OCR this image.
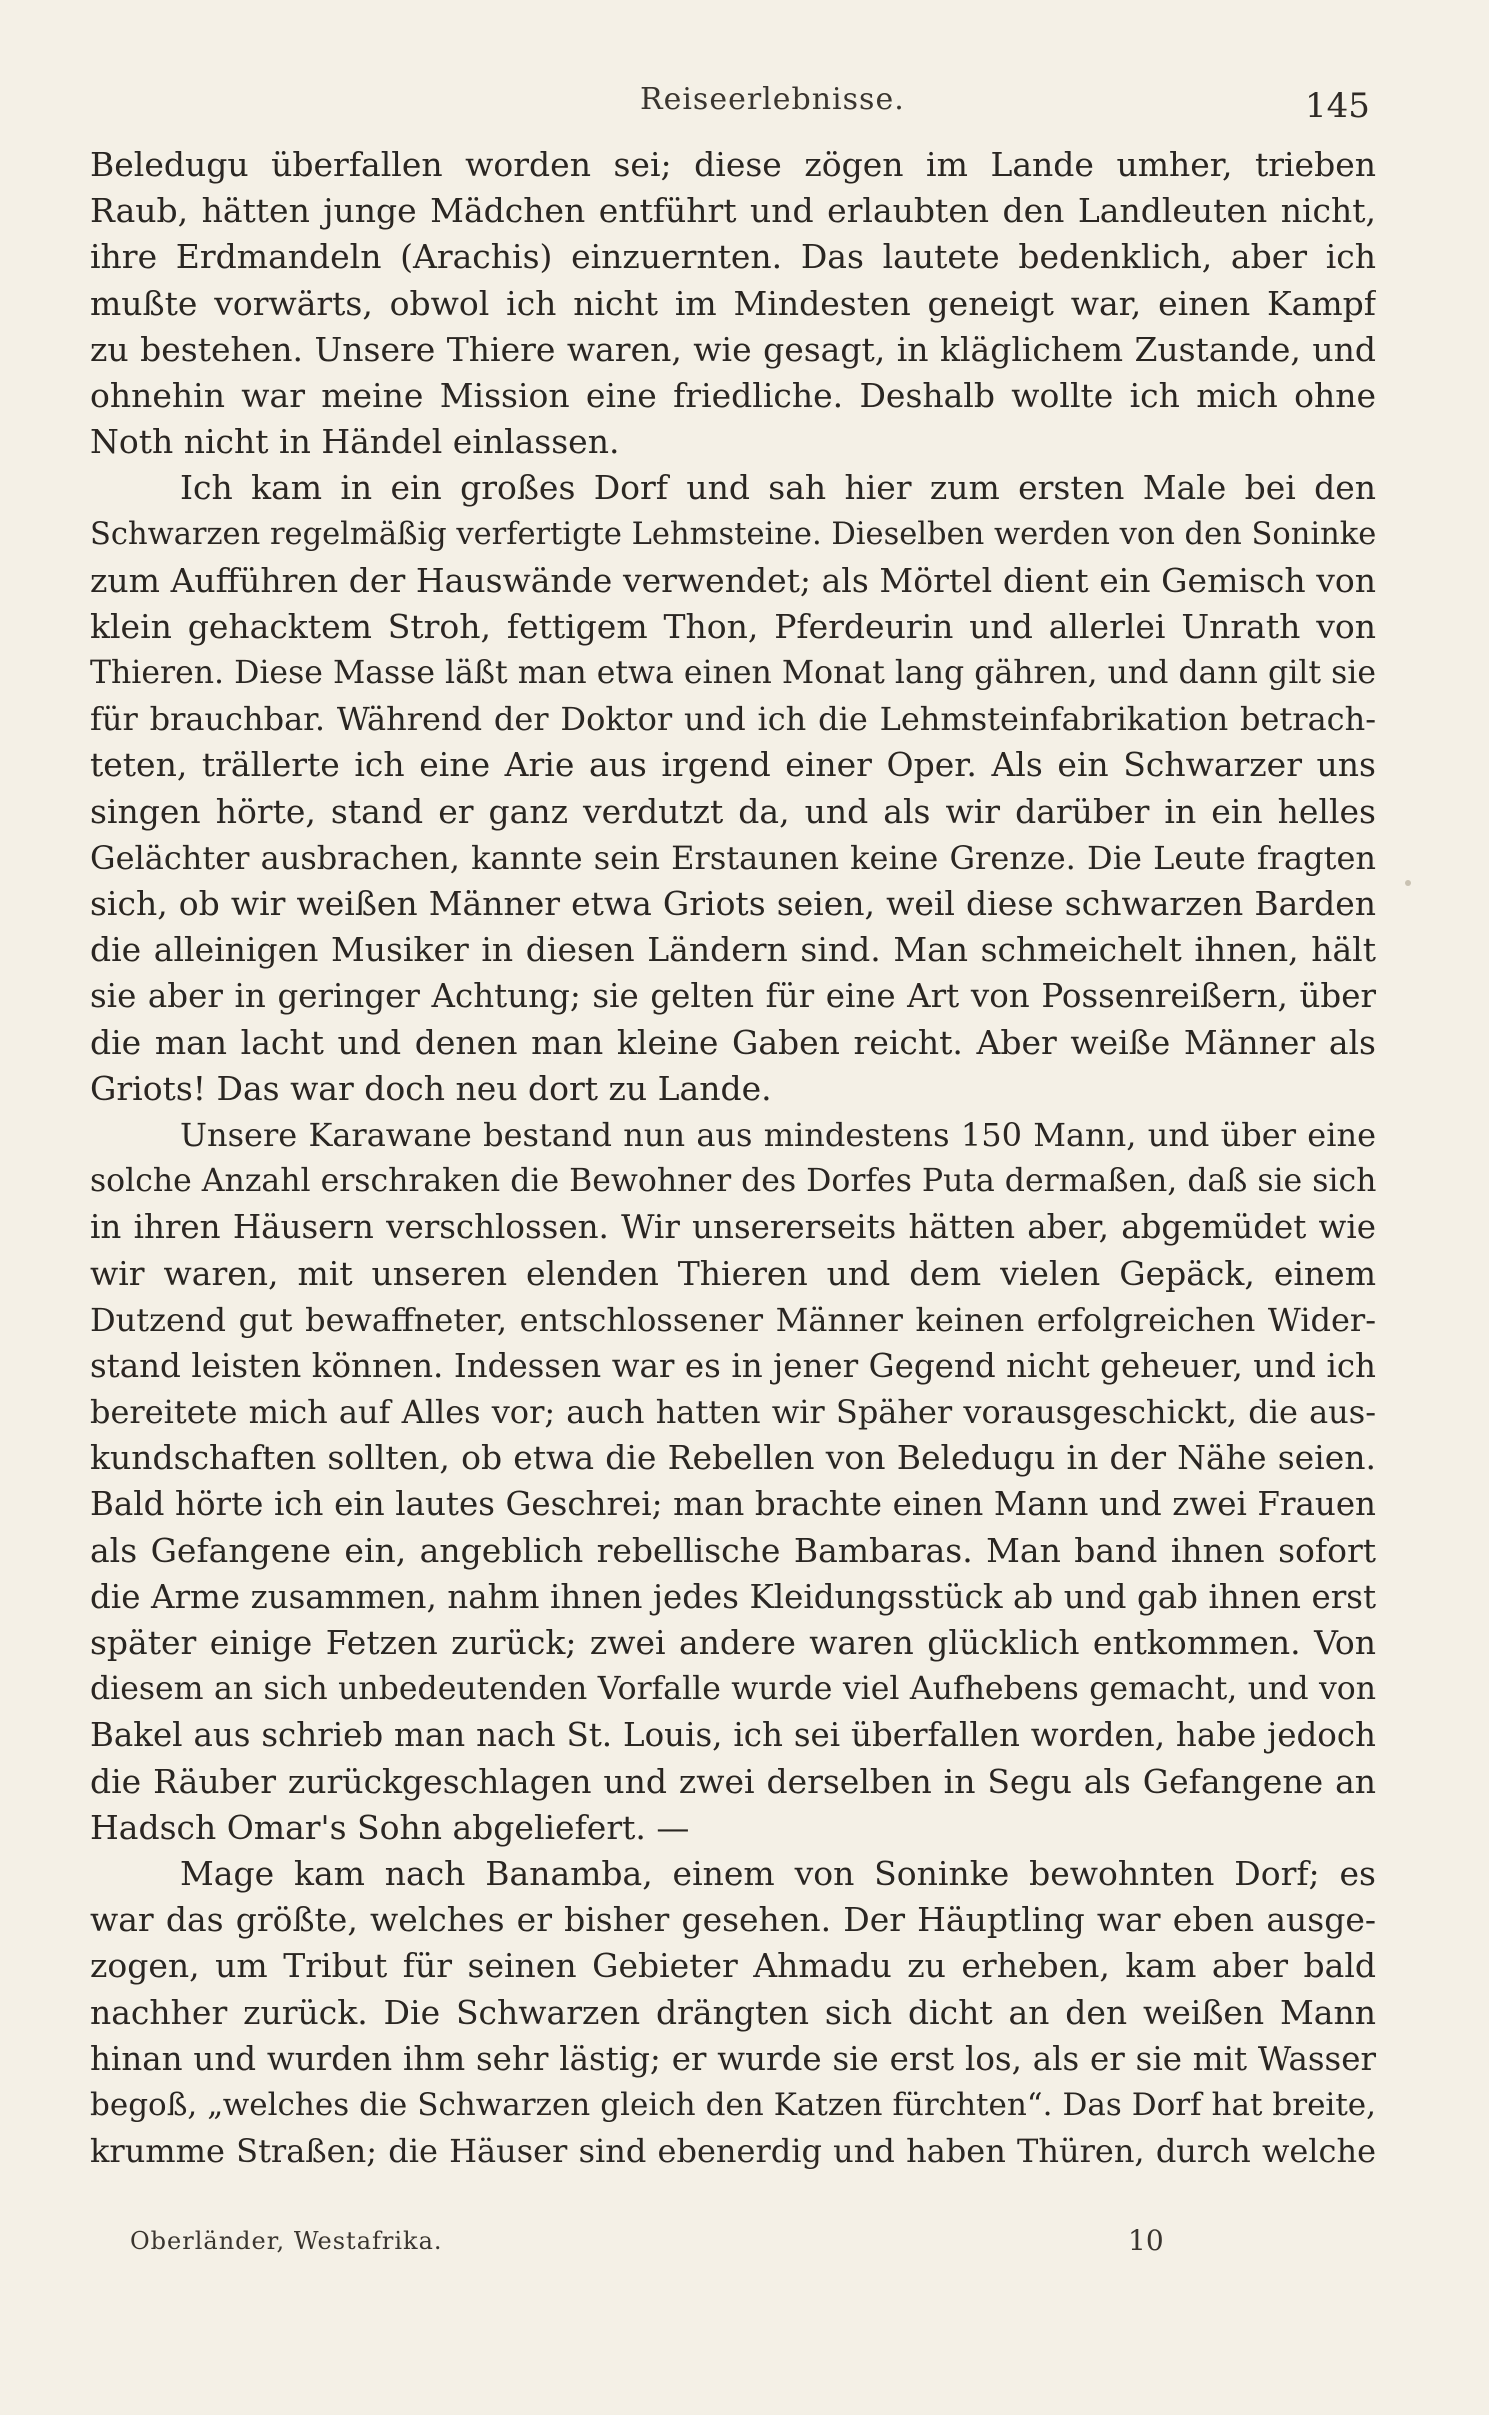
Reiseerlebnisse.	145
Beledugu überfallen worden sei; diese zögen im Lande umher, trieben
Raub, hätten junge Mädchen entführt und erlaubten den Landleuten nicht,
ihre Erdmandeln (Arachis) einzuernten. Das lautete bedenklich, aber ich
mußte vorwärts, obwol ich nicht im Mindesten geneigt war, einen Kampf
zu bestehen. Unsere Thiere waren, wie gesagt, in kläglichem Zustande, und
ohnehin war meine Mission eine friedliche. Deshalb wollte ich mich ohne
Noth nicht in Händel einlassen.
Ich kam in ein großes Dorf und sah hier zum ersten Male bei den
Schwarzen regelmäßig verfertigte Lehmsteine. Dieselben werden von den Soninke
zum Aufführen der Hauswände verwendet; als Mörtel dient ein Gemisch von
klein gehacktem Stroh, fettigem Thon, Pferdeurin und allerlei Unrath von
Thieren. Diese Masse läßt man etwa einen Monat lang gähren, und dann gilt sie
für brauchbar. Während der Doktor und ich die Lehmsteinfabrikation betrach-
teten, trällerte ich eine Arie aus irgend einer Oper. Als ein Schwarzer uns
singen hörte, stand er ganz verdutzt da, und als wir darüber in ein helles
Gelächter ausbrachen, kannte sein Erstaunen keine Grenze. Die Leute fragten
sich, ob wir weißen Männer etwa Griots seien, weil diese schwarzen Barden
die alleinigen Musiker in diesen Ländern sind. Man schmeichelt ihnen, hält
sie aber in geringer Achtung; sie gelten für eine Art von Possenreißern, über
die man lacht und denen man kleine Gaben reicht. Aber weiße Männer als
Griots! Das war doch neu dort zu Lande.
Unsere Karawane bestand nun aus mindestens 150 Mann, und über eine
solche Anzahl erschraken die Bewohner des Dorfes Puta dermaßen, daß sie sich
in ihren Häusern verschlossen. Wir unsererseits hätten aber, abgemüdet wie
wir waren, mit unseren elenden Thieren und dem vielen Gepäck, einem
Dutzend gut bewaffneter, entschlossener Männer keinen erfolgreichen Wider-
stand leisten können. Indessen war es in jener Gegend nicht geheuer, und ich
bereitete mich auf Alles vor; auch hatten wir Späher vorausgeschickt, die aus-
kundschaften sollten, ob etwa die Rebellen von Beledugu in der Nähe seien.
Bald hörte ich ein lautes Geschrei; man brachte einen Mann und zwei Frauen
als Gefangene ein, angeblich rebellische Bambaras. Man band ihnen sofort
die Arme zusammen, nahm ihnen jedes Kleidungsstück ab und gab ihnen erst
später einige Fetzen zurück; zwei andere waren glücklich entkommen. Von
diesem an sich unbedeutenden Vorfalle wurde viel Aufhebens gemacht, und von
Bakel aus schrieb man nach St. Louis, ich sei überfallen worden, habe jedoch
die Räuber zurückgeschlagen und zwei derselben in Segu als Gefangene an
Hadsch Omar's Sohn abgeliefert. —
Mage kam nach Banamba, einem von Soninke bewohnten Dorf; es
war das größte, welches er bisher gesehen. Der Häuptling war eben ausge-
zogen, um Tribut für seinen Gebieter Ahmadu zu erheben, kam aber bald
nachher zurück. Die Schwarzen drängten sich dicht an den weißen Mann
hinan und wurden ihm sehr lästig; er wurde sie erst los, als er sie mit Wasser
begoß, „welches die Schwarzen gleich den Katzen fürchten“. Das Dorf hat breite,
krumme Straßen; die Häuser sind ebenerdig und haben Thüren, durch welche
Oberländer, Westafrika.	10
